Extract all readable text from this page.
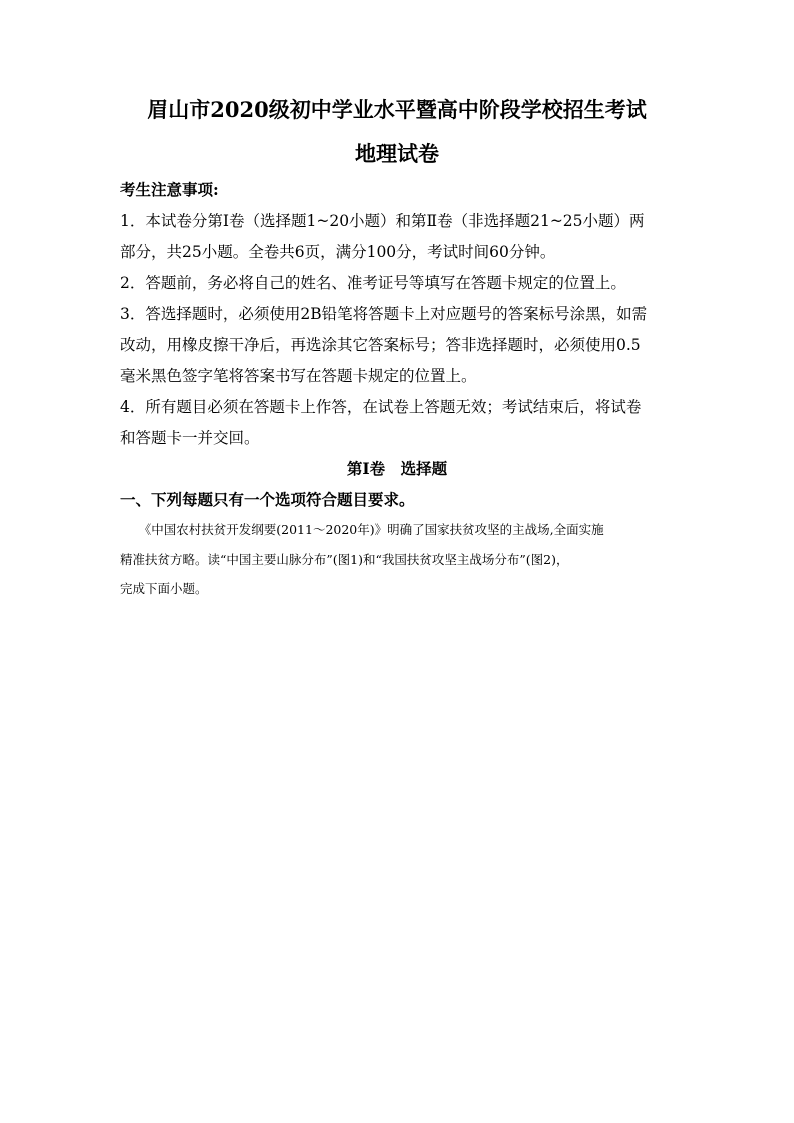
眉山市2020级初中学业水平暨高中阶段学校招生考试
地理试卷
考生注意事项:
1．本试卷分第Ⅰ卷（选择题1~20小题）和第Ⅱ卷（非选择题21~25小题）两
部分，共25小题。全卷共6页，满分100分，考试时间60分钟。
2．答题前，务必将自己的姓名、准考证号等填写在答题卡规定的位置上。
3．答选择题时，必须使用2B铅笔将答题卡上对应题号的答案标号涂黑，如需
改动，用橡皮擦干净后，再选涂其它答案标号；答非选择题时，必须使用0.5
毫米黑色签字笔将答案书写在答题卡规定的位置上。
4．所有题目必须在答题卡上作答，在试卷上答题无效；考试结束后，将试卷
和答题卡一并交回。
第Ⅰ卷　选择题
一、下列每题只有一个选项符合题目要求。
　　《中国农村扶贫开发纲要(2011～2020年)》明确了国家扶贫攻坚的主战场,全面实施
精准扶贫方略。读“中国主要山脉分布”(图1)和“我国扶贫攻坚主战场分布”(图2)，
完成下面小题。
